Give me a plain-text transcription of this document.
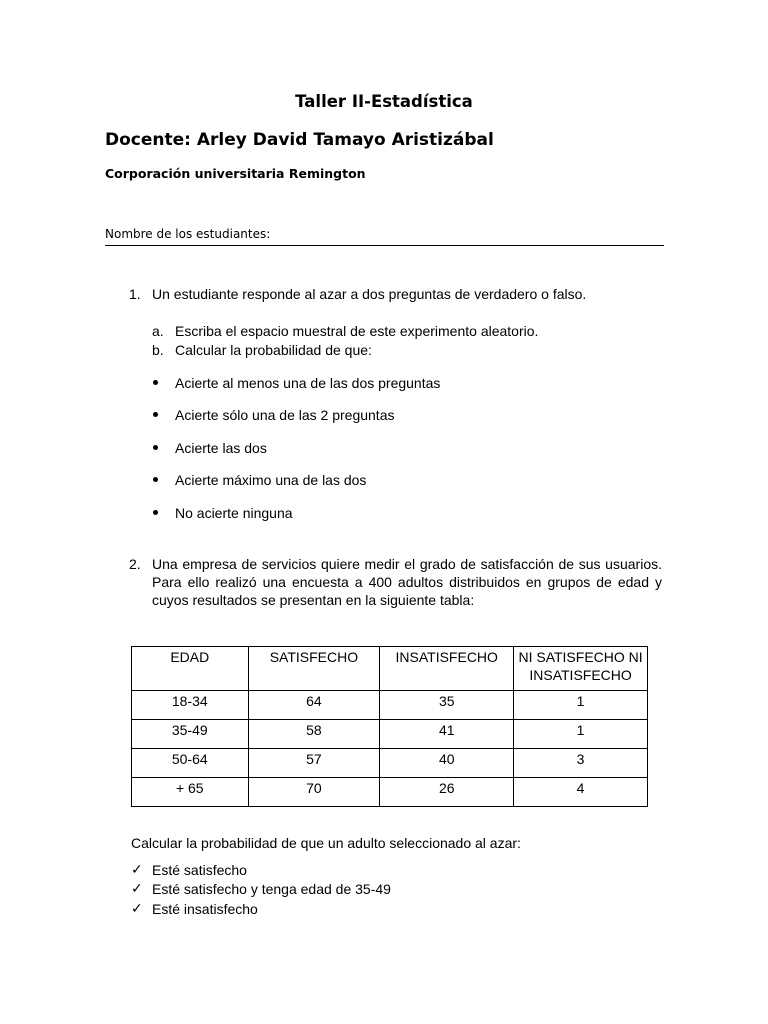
Taller II-Estadística
Docente: Arley David Tamayo Aristizábal
Corporación universitaria Remington
Nombre de los estudiantes:
1. Un estudiante responde al azar a dos preguntas de verdadero o falso.
a. Escriba el espacio muestral de este experimento aleatorio.
b. Calcular la probabilidad de que:
Acierte al menos una de las dos preguntas
Acierte sólo una de las 2 preguntas
Acierte las dos
Acierte máximo una de las dos
No acierte ninguna
2. Una empresa de servicios quiere medir el grado de satisfacción de sus usuarios. Para ello realizó una encuesta a 400 adultos distribuidos en grupos de edad y cuyos resultados se presentan en la siguiente tabla:
EDAD	SATISFECHO	INSATISFECHO	NI SATISFECHO NI INSATISFECHO
18-34	64	35	1
35-49	58	41	1
50-64	57	40	3
+ 65	70	26	4
Calcular la probabilidad de que un adulto seleccionado al azar:
✓ Esté satisfecho
✓ Esté satisfecho y tenga edad de 35-49
✓ Esté insatisfecho
